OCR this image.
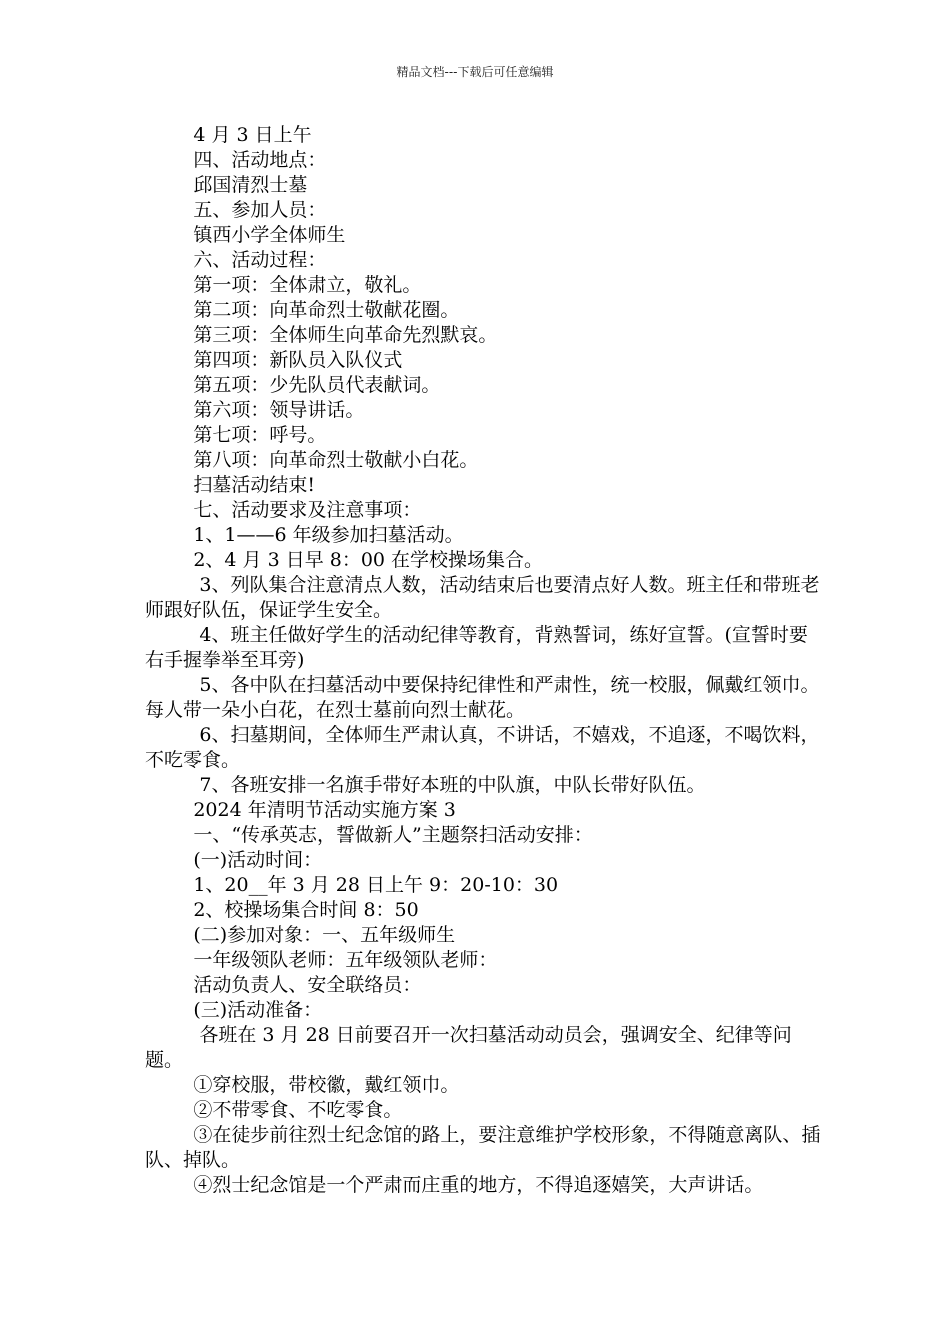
精品文档---下载后可任意编辑

4 月 3 日上午

四、活动地点：

邱国清烈士墓

五、参加人员：

镇西小学全体师生

六、活动过程：

第一项：全体肃立，敬礼。

第二项：向革命烈士敬献花圈。

第三项：全体师生向革命先烈默哀。

第四项：新队员入队仪式

第五项：少先队员代表献词。

第六项：领导讲话。

第七项：呼号。

第八项：向革命烈士敬献小白花。

扫墓活动结束!

七、活动要求及注意事项：

1、1——6 年级参加扫墓活动。

2、4 月 3 日早 8：00 在学校操场集合。

3、列队集合注意清点人数，活动结束后也要清点好人数。班主任和带班老师跟好队伍，保证学生安全。

4、班主任做好学生的活动纪律等教育，背熟誓词，练好宣誓。(宣誓时要右手握拳举至耳旁)

5、各中队在扫墓活动中要保持纪律性和严肃性，统一校服，佩戴红领巾。每人带一朵小白花，在烈士墓前向烈士献花。

6、扫墓期间，全体师生严肃认真，不讲话，不嬉戏，不追逐，不喝饮料，不吃零食。

7、各班安排一名旗手带好本班的中队旗，中队长带好队伍。

2024 年清明节活动实施方案 3

一、“传承英志，誓做新人”主题祭扫活动安排：

(一)活动时间：

1、20__年 3 月 28 日上午 9：20-10：30

2、校操场集合时间 8：50

(二)参加对象：一、五年级师生

一年级领队老师：五年级领队老师：

活动负责人、安全联络员：

(三)活动准备：

各班在 3 月 28 日前要召开一次扫墓活动动员会，强调安全、纪律等问题。

①穿校服，带校徽，戴红领巾。

②不带零食、不吃零食。

③在徒步前往烈士纪念馆的路上，要注意维护学校形象，不得随意离队、插队、掉队。

④烈士纪念馆是一个严肃而庄重的地方，不得追逐嬉笑，大声讲话。
